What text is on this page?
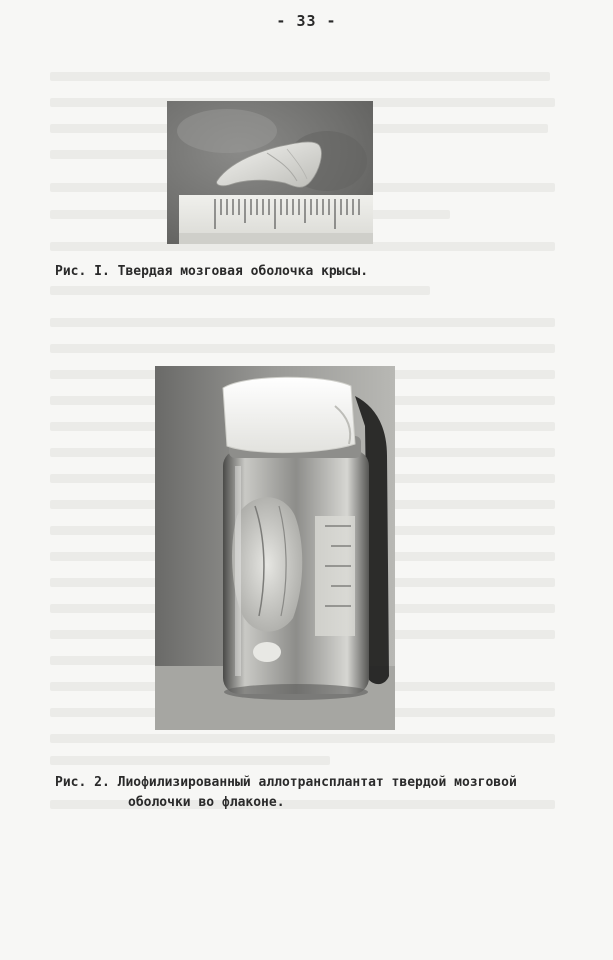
- 33 -
Рис. I. Твердая мозговая оболочка крысы.
Рис. 2. Лиофилизированный аллотрансплантат твердой мозговой
оболочки во флаконе.
